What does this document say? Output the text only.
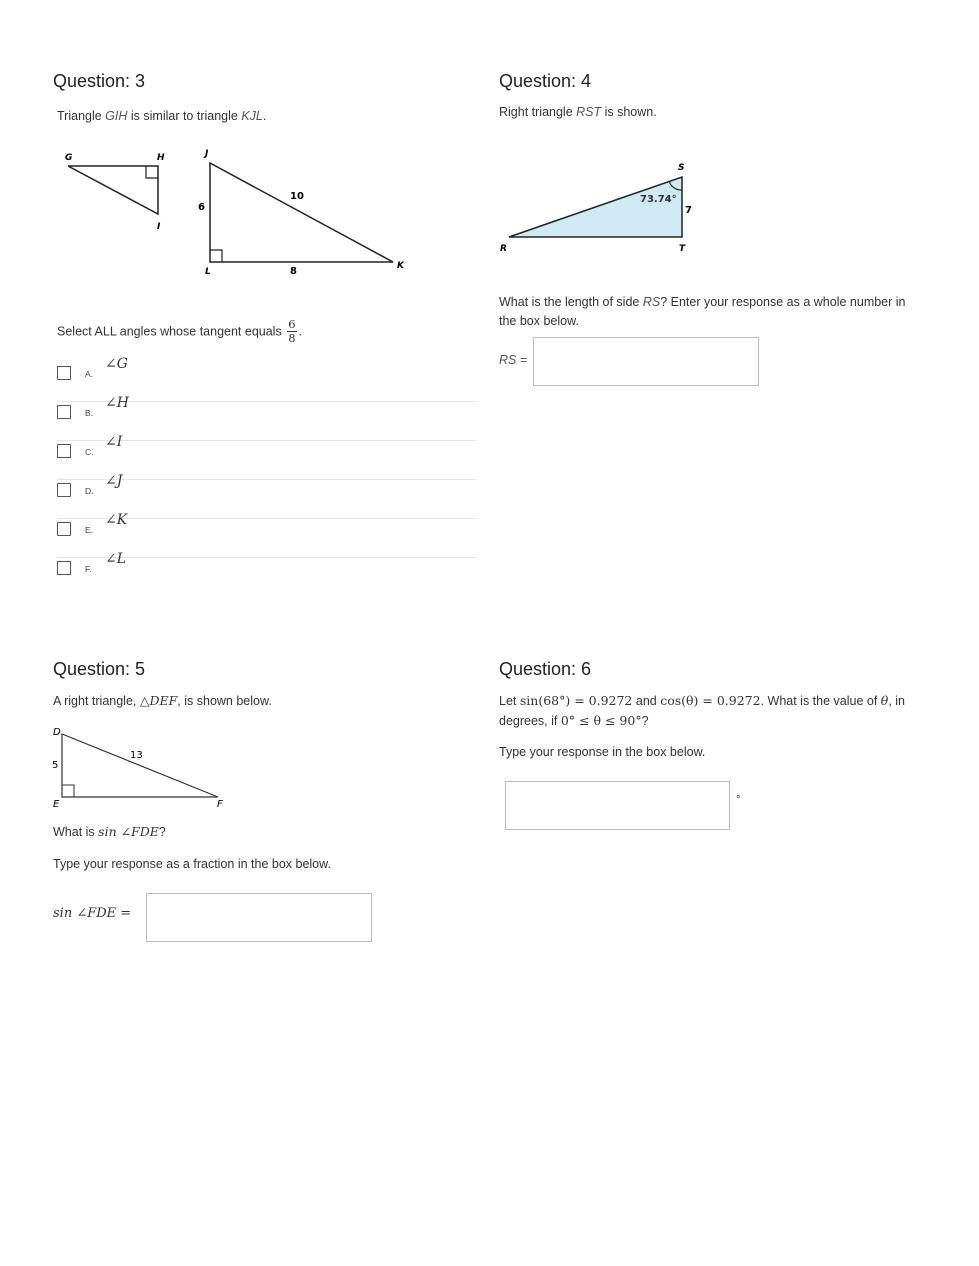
Question: 3
Triangle GIH is similar to triangle KJL.
G	H
I
J
L
K
6
10
8
Select ALL angles whose tangent equals $\frac{6}{8}$ .
A.
∠G
B.
∠H
C.
∠I
D.
∠J
E.
∠K
F.
∠L
Question: 4
Right triangle RST is shown.
S
R	T
73.74°
7
What is the length of side RS? Enter your response as a whole number in
the box below.
RS =
Question: 5
A right triangle, △DEF, is shown below.
D
E	F
5
13
What is sin ∠FDE?
Type your response as a fraction in the box below.
sin ∠FDE =
Question: 6
Let sin(68°) = 0.9272 and cos(θ) = 0.9272. What is the value of θ, in
degrees, if 0° ≤ θ ≤ 90°?
Type your response in the box below.
°
